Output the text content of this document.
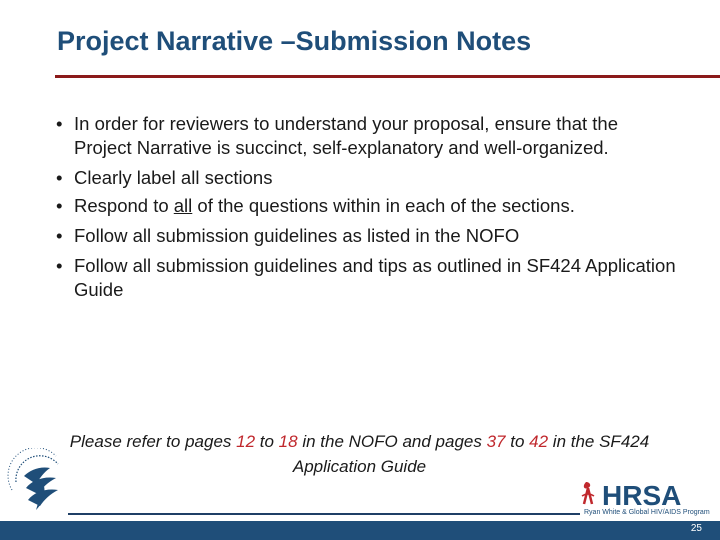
Project Narrative –Submission Notes
• In order for reviewers to understand your proposal, ensure that the Project Narrative is succinct, self-explanatory and well-organized.
• Clearly label all sections
• Respond to all of the questions within in each of the sections.
• Follow all submission guidelines as listed in the NOFO
• Follow all submission guidelines and tips as outlined in SF424 Application Guide
Please refer to pages 12 to 18 in the NOFO and pages 37 to 42 in the SF424 Application Guide
HRSA
Ryan White & Global HIV/AIDS Program
25
